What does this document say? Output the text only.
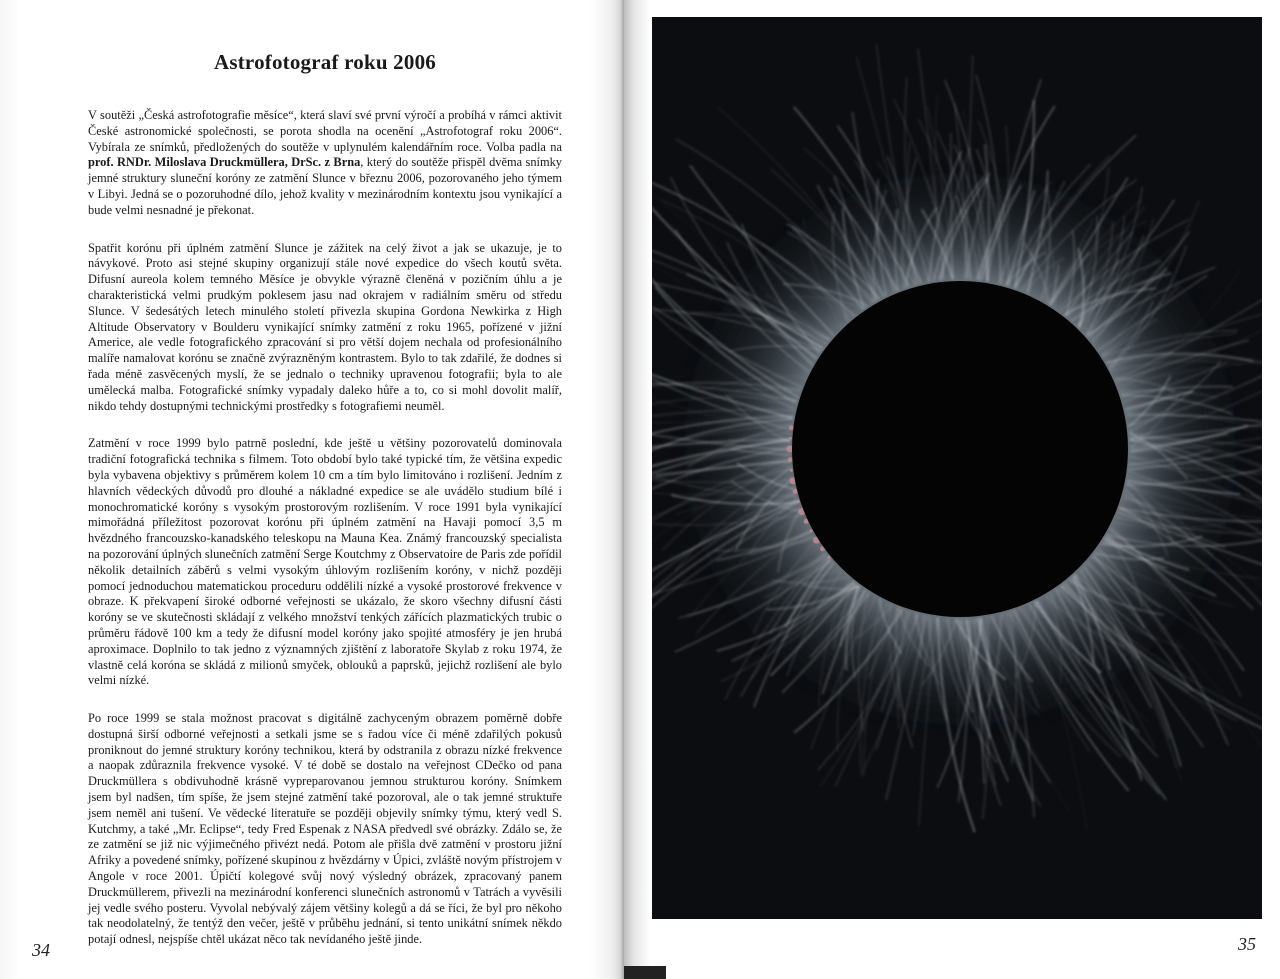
Astrofotograf roku 2006

V soutěži „Česká astrofotografie měsíce“, která slaví své první výročí a probíhá v rámci aktivit České astronomické společnosti, se porota shodla na ocenění „Astrofotograf roku 2006“. Vybírala ze snímků, předložených do soutěže v uplynulém kalendářním roce. Volba padla na prof. RNDr. Miloslava Druckmüllera, DrSc. z Brna, který do soutěže přispěl dvěma snímky jemné struktury sluneční koróny ze zatmění Slunce v březnu 2006, pozorovaného jeho týmem v Libyi. Jedná se o pozoruhodné dílo, jehož kvality v mezinárodním kontextu jsou vynikající a bude velmi nesnadné je překonat.

Spatřit korónu při úplném zatmění Slunce je zážitek na celý život a jak se ukazuje, je to návykové. Proto asi stejné skupiny organizují stále nové expedice do všech koutů světa. Difusní aureola kolem temného Měsíce je obvykle výrazně členěná v pozičním úhlu a je charakteristická velmi prudkým poklesem jasu nad okrajem v radiálním směru od středu Slunce. V šedesátých letech minulého století přivezla skupina Gordona Newkirka z High Altitude Observatory v Boulderu vynikající snímky zatmění z roku 1965, pořízené v jižní Americe, ale vedle fotografického zpracování si pro větší dojem nechala od profesionálního malíře namalovat korónu se značně zvýrazněným kontrastem. Bylo to tak zdařilé, že dodnes si řada méně zasvěcených myslí, že se jednalo o techniky upravenou fotografii; byla to ale umělecká malba. Fotografické snímky vypadaly daleko hůře a to, co si mohl dovolit malíř, nikdo tehdy dostupnými technickými prostředky s fotografiemi neuměl.

Zatmění v roce 1999 bylo patrně poslední, kde ještě u většiny pozorovatelů dominovala tradiční fotografická technika s filmem. Toto období bylo také typické tím, že většina expedic byla vybavena objektivy s průměrem kolem 10 cm a tím bylo limitováno i rozlišení. Jedním z hlavních vědeckých důvodů pro dlouhé a nákladné expedice se ale uvádělo studium bílé i monochromatické koróny s vysokým prostorovým rozlišením. V roce 1991 byla vynikající mimořádná příležitost pozorovat korónu při úplném zatmění na Havaji pomocí 3,5 m hvězdného francouzsko-kanadského teleskopu na Mauna Kea. Známý francouzský specialista na pozorování úplných slunečních zatmění Serge Koutchmy z Observatoire de Paris zde pořídil několik detailních záběrů s velmi vysokým úhlovým rozlišením koróny, v nichž později pomocí jednoduchou matematickou proceduru oddělili nízké a vysoké prostorové frekvence v obraze. K překvapení široké odborné veřejnosti se ukázalo, že skoro všechny difusní části koróny se ve skutečnosti skládají z velkého množství tenkých zářících plazmatických trubic o průměru řádově 100 km a tedy že difusní model koróny jako spojité atmosféry je jen hrubá aproximace. Doplnilo to tak jedno z významných zjištění z laboratoře Skylab z roku 1974, že vlastně celá koróna se skládá z milionů smyček, oblouků a paprsků, jejichž rozlišení ale bylo velmi nízké.

Po roce 1999 se stala možnost pracovat s digitálně zachyceným obrazem poměrně dobře dostupná širší odborné veřejnosti a setkali jsme se s řadou více či méně zdařilých pokusů proniknout do jemné struktury koróny technikou, která by odstranila z obrazu nízké frekvence a naopak zdůraznila frekvence vysoké. V té době se dostalo na veřejnost CDečko od pana Druckmüllera s obdivuhodně krásně vypreparovanou jemnou strukturou koróny. Snímkem jsem byl nadšen, tím spíše, že jsem stejné zatmění také pozoroval, ale o tak jemné struktuře jsem neměl ani tušení. Ve vědecké literatuře se později objevily snímky týmu, který vedl S. Kutchmy, a také „Mr. Eclipse“, tedy Fred Espenak z NASA předvedl své obrázky. Zdálo se, že ze zatmění se již nic výjimečného přivézt nedá. Potom ale přišla dvě zatmění v prostoru jižní Afriky a povedené snímky, pořízené skupinou z hvězdárny v Úpici, zvláště novým přístrojem v Angole v roce 2001. Úpičtí kolegové svůj nový výsledný obrázek, zpracovaný panem Druckmüllerem, přivezli na mezinárodní konferenci slunečních astronomů v Tatrách a vyvěsili jej vedle svého posteru. Vyvolal nebývalý zájem většiny kolegů a dá se říci, že byl pro někoho tak neodolatelný, že tentýž den večer, ještě v průběhu jednání, si tento unikátní snímek někdo potají odnesl, nejspíše chtěl ukázat něco tak nevídaného ještě jinde.

34	35
